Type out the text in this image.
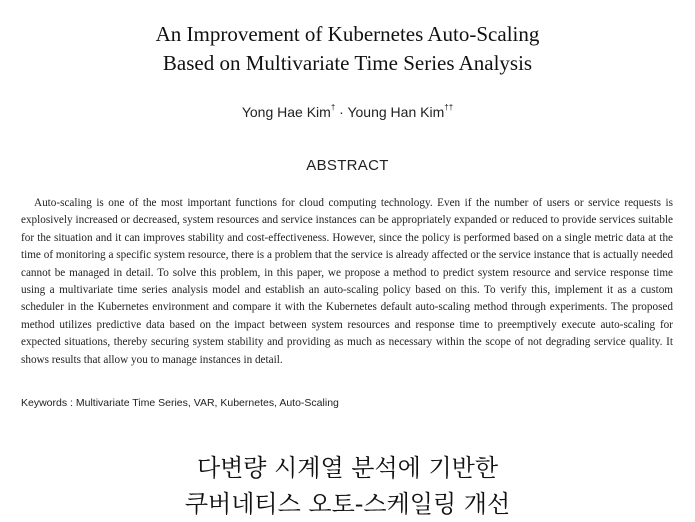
An Improvement of Kubernetes Auto-Scaling
Based on Multivariate Time Series Analysis
Yong Hae Kim† · Young Han Kim††
ABSTRACT
Auto-scaling is one of the most important functions for cloud computing technology. Even if the number of users or service requests is explosively increased or decreased, system resources and service instances can be appropriately expanded or reduced to provide services suitable for the situation and it can improves stability and cost-effectiveness. However, since the policy is performed based on a single metric data at the time of monitoring a specific system resource, there is a problem that the service is already affected or the service instance that is actually needed cannot be managed in detail. To solve this problem, in this paper, we propose a method to predict system resource and service response time using a multivariate time series analysis model and establish an auto-scaling policy based on this. To verify this, implement it as a custom scheduler in the Kubernetes environment and compare it with the Kubernetes default auto-scaling method through experiments. The proposed method utilizes predictive data based on the impact between system resources and response time to preemptively execute auto-scaling for expected situations, thereby securing system stability and providing as much as necessary within the scope of not degrading service quality. It shows results that allow you to manage instances in detail.
Keywords : Multivariate Time Series, VAR, Kubernetes, Auto-Scaling
다변량 시계열 분석에 기반한
쿠버네티스 오토-스케일링 개선
